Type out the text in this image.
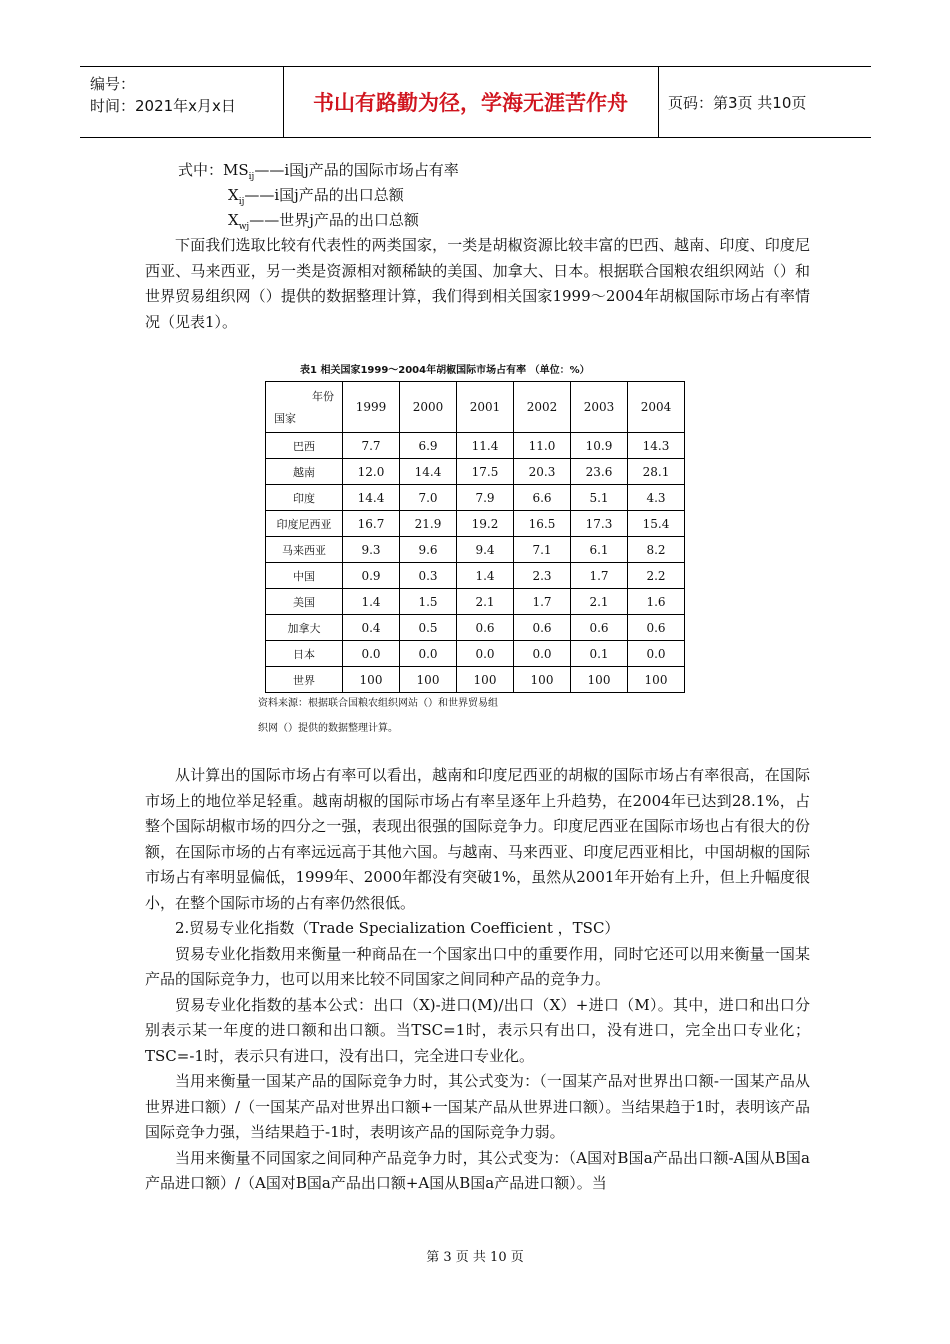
编号：
时间：2021年x月x日	书山有路勤为径，学海无涯苦作舟	页码：第3页 共10页
式中：$MS_{ij}——i$国j产品的国际市场占有率
$X_{ij}——i$国j产品的出口总额
$X_{wj}——$世界j产品的出口总额

下面我们选取比较有代表性的两类国家，一类是胡椒资源比较丰富的巴西、越南、印度、印度尼西亚、马来西亚，另一类是资源相对额稀缺的美国、加拿大、日本。根据联合国粮农组织网站（）和世界贸易组织网（）提供的数据整理计算，我们得到相关国家1999～2004年胡椒国际市场占有率情况（见表1）。

表1 相关国家1999～2004年胡椒国际市场占有率 （单位：%）
年份
国家	1999	2000	2001	2002	2003	2004
巴西	7.7	6.9	11.4	11.0	10.9	14.3
越南	12.0	14.4	17.5	20.3	23.6	28.1
印度	14.4	7.0	7.9	6.6	5.1	4.3
印度尼西亚	16.7	21.9	19.2	16.5	17.3	15.4
马来西亚	9.3	9.6	9.4	7.1	6.1	8.2
中国	0.9	0.3	1.4	2.3	1.7	2.2
美国	1.4	1.5	2.1	1.7	2.1	1.6
加拿大	0.4	0.5	0.6	0.6	0.6	0.6
日本	0.0	0.0	0.0	0.0	0.1	0.0
世界	100	100	100	100	100	100
资料来源：根据联合国粮农组织网站（）和世界贸易组
织网（）提供的数据整理计算。

从计算出的国际市场占有率可以看出，越南和印度尼西亚的胡椒的国际市场占有率很高，在国际市场上的地位举足轻重。越南胡椒的国际市场占有率呈逐年上升趋势，在2004年已达到28.1%，占整个国际胡椒市场的四分之一强，表现出很强的国际竞争力。印度尼西亚在国际市场也占有很大的份额，在国际市场的占有率远远高于其他六国。与越南、马来西亚、印度尼西亚相比，中国胡椒的国际市场占有率明显偏低，1999年、2000年都没有突破1%，虽然从2001年开始有上升，但上升幅度很小，在整个国际市场的占有率仍然很低。

2.贸易专业化指数（Trade Specialization Coefficient ，TSC）

贸易专业化指数用来衡量一种商品在一个国家出口中的重要作用，同时它还可以用来衡量一国某产品的国际竞争力，也可以用来比较不同国家之间同种产品的竞争力。

贸易专业化指数的基本公式：出口（X)-进口(M)/出口（X）+进口（M）。其中，进口和出口分别表示某一年度的进口额和出口额。当TSC=1时，表示只有出口，没有进口，完全出口专业化；TSC=-1时，表示只有进口，没有出口，完全进口专业化。

当用来衡量一国某产品的国际竞争力时，其公式变为：（一国某产品对世界出口额-一国某产品从世界进口额）/（一国某产品对世界出口额+一国某产品从世界进口额）。当结果趋于1时，表明该产品国际竞争力强，当结果趋于-1时，表明该产品的国际竞争力弱。

当用来衡量不同国家之间同种产品竞争力时，其公式变为：（A国对B国a产品出口额-A国从B国a产品进口额）/（A国对B国a产品出口额+A国从B国a产品进口额）。当

第 3 页 共 10 页
